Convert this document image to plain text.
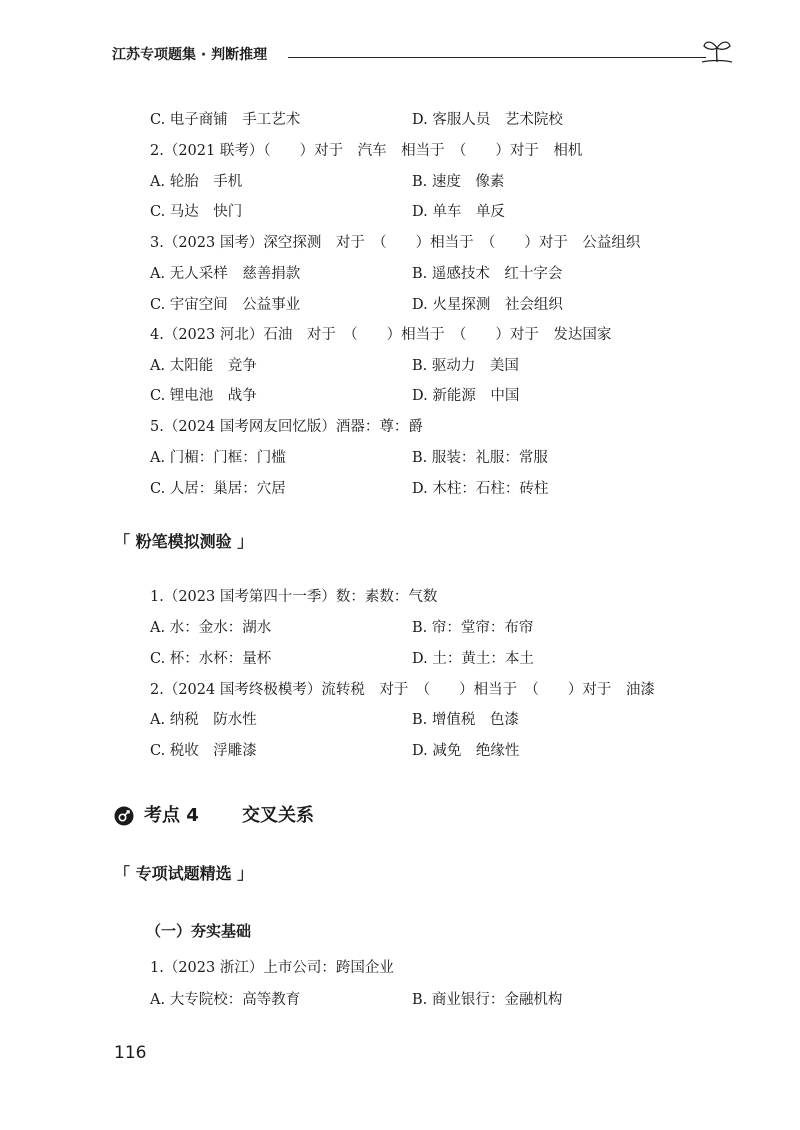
江苏专项题集 · 判断推理
C. 电子商铺　手工艺术	D. 客服人员　艺术院校
2.（2021 联考）（　　）对于　汽车　相当于　（　　）对于　相机
A. 轮胎　手机	B. 速度　像素
C. 马达　快门	D. 单车　单反
3.（2023 国考）深空探测　对于　（　　）相当于　（　　）对于　公益组织
A. 无人采样　慈善捐款	B. 遥感技术　红十字会
C. 宇宙空间　公益事业	D. 火星探测　社会组织
4.（2023 河北）石油　对于　（　　）相当于　（　　）对于　发达国家
A. 太阳能　竞争	B. 驱动力　美国
C. 锂电池　战争	D. 新能源　中国
5.（2024 国考网友回忆版）酒器：尊：爵
A. 门楣：门框：门槛	B. 服装：礼服：常服
C. 人居：巢居：穴居	D. 木柱：石柱：砖柱
「 粉笔模拟测验 」
1.（2023 国考第四十一季）数：素数：气数
A. 水：金水：湖水	B. 帘：堂帘：布帘
C. 杯：水杯：量杯	D. 土：黄土：本土
2.（2024 国考终极模考）流转税　对于　（　　）相当于　（　　）对于　油漆
A. 纳税　防水性	B. 增值税　色漆
C. 税收　浮雕漆	D. 减免　绝缘性
考点 4 交叉关系
「 专项试题精选 」
（一）夯实基础
1.（2023 浙江）上市公司：跨国企业
A. 大专院校：高等教育	B. 商业银行：金融机构
116
